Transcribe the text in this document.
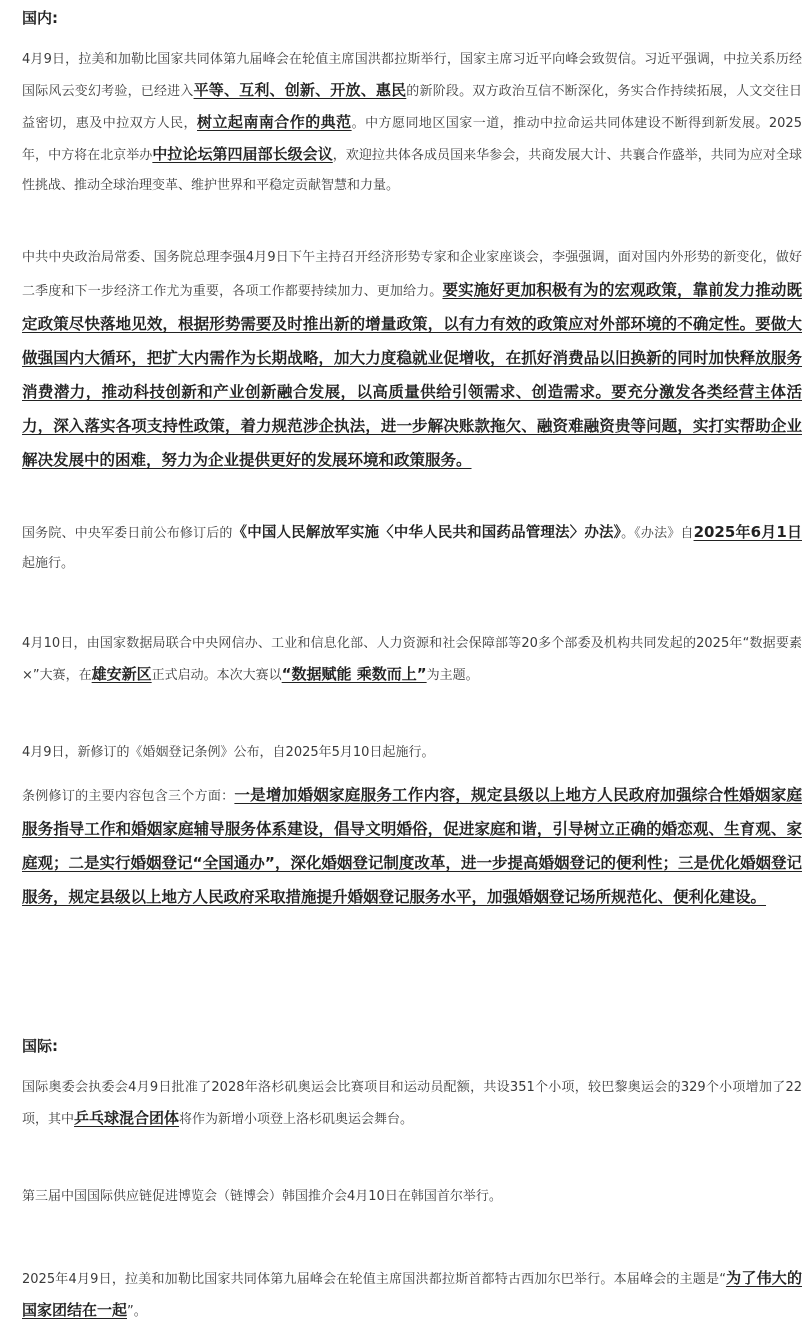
国内:

4月9日，拉美和加勒比国家共同体第九届峰会在轮值主席国洪都拉斯举行，国家主席习近平向峰会致贺信。习近平强调，中拉关系历经国际风云变幻考验，已经进入平等、互利、创新、开放、惠民的新阶段。双方政治互信不断深化，务实合作持续拓展，人文交往日益密切，惠及中拉双方人民，树立起南南合作的典范。中方愿同地区国家一道，推动中拉命运共同体建设不断得到新发展。2025年，中方将在北京举办中拉论坛第四届部长级会议，欢迎拉共体各成员国来华参会，共商发展大计、共襄合作盛举，共同为应对全球性挑战、推动全球治理变革、维护世界和平稳定贡献智慧和力量。

中共中央政治局常委、国务院总理李强4月9日下午主持召开经济形势专家和企业家座谈会，李强强调，面对国内外形势的新变化，做好二季度和下一步经济工作尤为重要，各项工作都要持续加力、更加给力。要实施好更加积极有为的宏观政策，靠前发力推动既定政策尽快落地见效，根据形势需要及时推出新的增量政策，以有力有效的政策应对外部环境的不确定性。要做大做强国内大循环，把扩大内需作为长期战略，加大力度稳就业促增收，在抓好消费品以旧换新的同时加快释放服务消费潜力，推动科技创新和产业创新融合发展，以高质量供给引领需求、创造需求。要充分激发各类经营主体活力，深入落实各项支持性政策，着力规范涉企执法，进一步解决账款拖欠、融资难融资贵等问题，实打实帮助企业解决发展中的困难，努力为企业提供更好的发展环境和政策服务。

国务院、中央军委日前公布修订后的《中国人民解放军实施〈中华人民共和国药品管理法〉办法》。《办法》自2025年6月1日起施行。

4月10日，由国家数据局联合中央网信办、工业和信息化部、人力资源和社会保障部等20多个部委及机构共同发起的2025年“数据要素×”大赛，在雄安新区正式启动。本次大赛以“数据赋能 乘数而上”为主题。

4月9日，新修订的《婚姻登记条例》公布，自2025年5月10日起施行。

条例修订的主要内容包含三个方面：一是增加婚姻家庭服务工作内容，规定县级以上地方人民政府加强综合性婚姻家庭服务指导工作和婚姻家庭辅导服务体系建设，倡导文明婚俗，促进家庭和谐，引导树立正确的婚恋观、生育观、家庭观；二是实行婚姻登记“全国通办”，深化婚姻登记制度改革，进一步提高婚姻登记的便利性；三是优化婚姻登记服务，规定县级以上地方人民政府采取措施提升婚姻登记服务水平，加强婚姻登记场所规范化、便利化建设。

国际:

国际奥委会执委会4月9日批准了2028年洛杉矶奥运会比赛项目和运动员配额，共设351个小项，较巴黎奥运会的329个小项增加了22项，其中乒乓球混合团体将作为新增小项登上洛杉矶奥运会舞台。

第三届中国国际供应链促进博览会（链博会）韩国推介会4月10日在韩国首尔举行。

2025年4月9日，拉美和加勒比国家共同体第九届峰会在轮值主席国洪都拉斯首都特古西加尔巴举行。本届峰会的主题是“为了伟大的国家团结在一起”。
